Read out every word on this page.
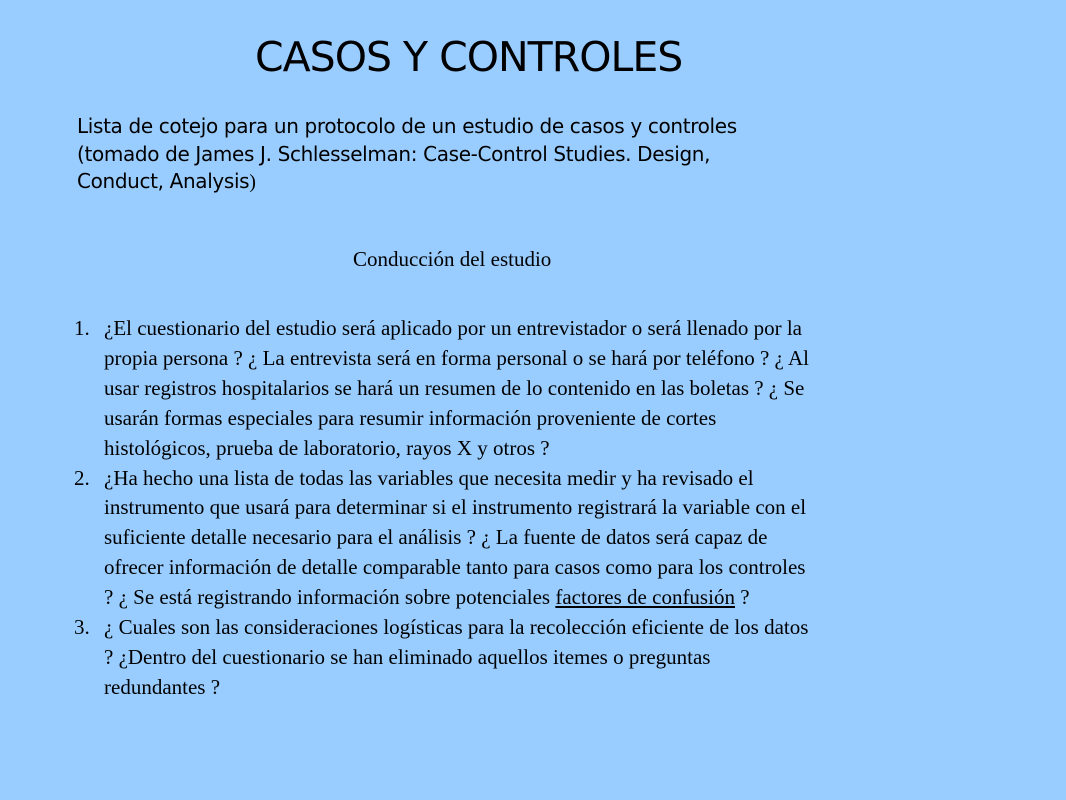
CASOS Y CONTROLES
Lista de cotejo para un protocolo de un estudio de casos y controles
(tomado de James J. Schlesselman: Case-Control Studies. Design,
Conduct, Analysis)
Conducción del estudio
1. ¿El cuestionario del estudio será aplicado por un entrevistador o será llenado por la
propia persona ? ¿ La entrevista será en forma personal o se hará por teléfono ? ¿ Al
usar registros hospitalarios se hará un resumen de lo contenido en las boletas ? ¿ Se
usarán formas especiales para resumir información proveniente de cortes
histológicos, prueba de laboratorio, rayos X y otros ?
2. ¿Ha hecho una lista de todas las variables que necesita medir y ha revisado el
instrumento que usará para determinar si el instrumento registrará la variable con el
suficiente detalle necesario para el análisis ? ¿ La fuente de datos será capaz de
ofrecer información de detalle comparable tanto para casos como para los controles
? ¿ Se está registrando información sobre potenciales factores de confusión ?
3. ¿ Cuales son las consideraciones logísticas para la recolección eficiente de los datos
? ¿Dentro del cuestionario se han eliminado aquellos itemes o preguntas
redundantes ?
